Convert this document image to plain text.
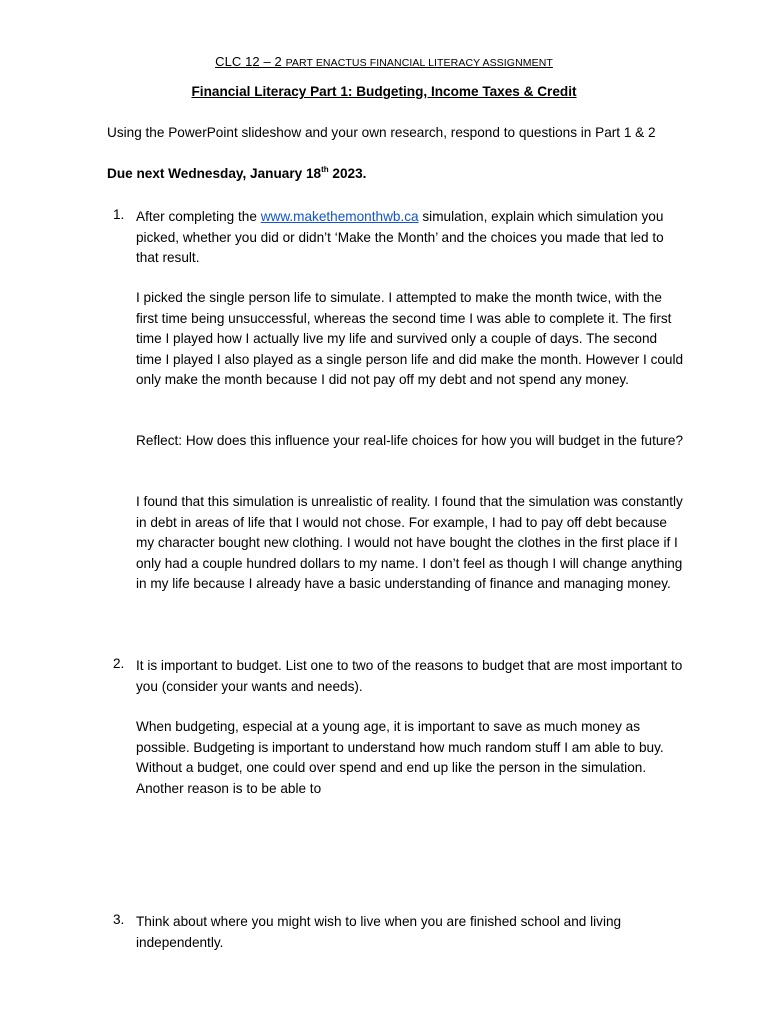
CLC 12 – 2 PART ENACTUS FINANCIAL LITERACY ASSIGNMENT
Financial Literacy Part 1: Budgeting, Income Taxes & Credit
Using the PowerPoint slideshow and your own research, respond to questions in Part 1 & 2
Due next Wednesday, January 18th 2023.
1. After completing the www.makethemonthwb.ca simulation, explain which simulation you picked, whether you did or didn’t ‘Make the Month’ and the choices you made that led to that result.

I picked the single person life to simulate. I attempted to make the month twice, with the first time being unsuccessful, whereas the second time I was able to complete it. The first time I played how I actually live my life and survived only a couple of days. The second time I played I also played as a single person life and did make the month. However I could only make the month because I did not pay off my debt and not spend any money.

Reflect: How does this influence your real-life choices for how you will budget in the future?

I found that this simulation is unrealistic of reality. I found that the simulation was constantly in debt in areas of life that I would not chose. For example, I had to pay off debt because my character bought new clothing. I would not have bought the clothes in the first place if I only had a couple hundred dollars to my name. I don’t feel as though I will change anything in my life because I already have a basic understanding of finance and managing money.

2. It is important to budget. List one to two of the reasons to budget that are most important to you (consider your wants and needs).

When budgeting, especial at a young age, it is important to save as much money as possible. Budgeting is important to understand how much random stuff I am able to buy. Without a budget, one could over spend and end up like the person in the simulation. Another reason is to be able to

3. Think about where you might wish to live when you are finished school and living independently.
